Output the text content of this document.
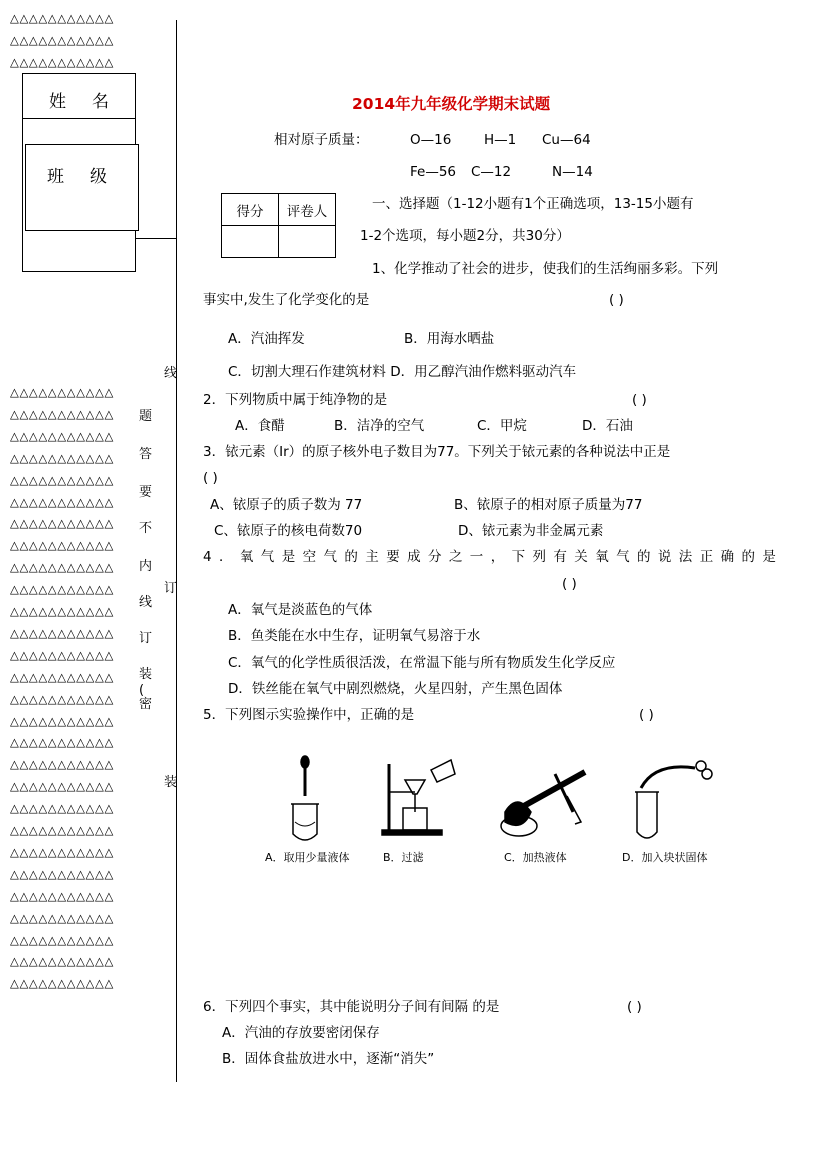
△△△△△△△△△△△
△△△△△△△△△△△
△△△△△△△△△△△
姓名
班级
△△△△△△△△△△△
△△△△△△△△△△△
△△△△△△△△△△△
△△△△△△△△△△△
△△△△△△△△△△△
△△△△△△△△△△△
△△△△△△△△△△△
△△△△△△△△△△△
△△△△△△△△△△△
△△△△△△△△△△△
△△△△△△△△△△△
△△△△△△△△△△△
△△△△△△△△△△△
△△△△△△△△△△△
△△△△△△△△△△△
△△△△△△△△△△△
△△△△△△△△△△△
△△△△△△△△△△△
△△△△△△△△△△△
△△△△△△△△△△△
△△△△△△△△△△△
△△△△△△△△△△△
△△△△△△△△△△△
△△△△△△△△△△△
△△△△△△△△△△△
△△△△△△△△△△△
△△△△△△△△△△△
△△△△△△△△△△△
题
答
要
不
内
线
订
装
(
密
线
订
装
2014年九年级化学期末试题
相对原子质量：	O—16 H—1 Cu—64
Fe—56 C—12	N—14
得分	评卷人
		一、选择题（1-12小题有1个正确选项，13-15小题有
1-2个选项，每小题2分，共30分）
1、化学推动了社会的进步，使我们的生活绚丽多彩。下列
事实中,发生了化学变化的是	( )
A．汽油挥发	B．用海水晒盐
C．切割大理石作建筑材料 D．用乙醇汽油作燃料驱动汽车
2．下列物质中属于纯净物的是	( )
A．食醋	B．洁净的空气	C．甲烷	D．石油
3．铱元素（Ir）的原子核外电子数目为77。下列关于铱元素的各种说法中正是
( )
A、铱原子的质子数为 77	B、铱原子的相对原子质量为77
C、铱原子的核电荷数70	D、铱元素为非金属元素
4．氧气是空气的主要成分之一，下列有关氧气的说法正确的是
( )
A．氧气是淡蓝色的气体
B．鱼类能在水中生存，证明氧气易溶于水
C．氧气的化学性质很活泼，在常温下能与所有物质发生化学反应
D．铁丝能在氧气中剧烈燃烧，火星四射，产生黑色固体
5．下列图示实验操作中，正确的是	( )
A．取用少量液体	B．过滤	C．加热液体	D．加入块状固体
6．下列四个事实，其中能说明分子间有间隔 的是	( )
A．汽油的存放要密闭保存
B．固体食盐放进水中，逐渐“消失”
